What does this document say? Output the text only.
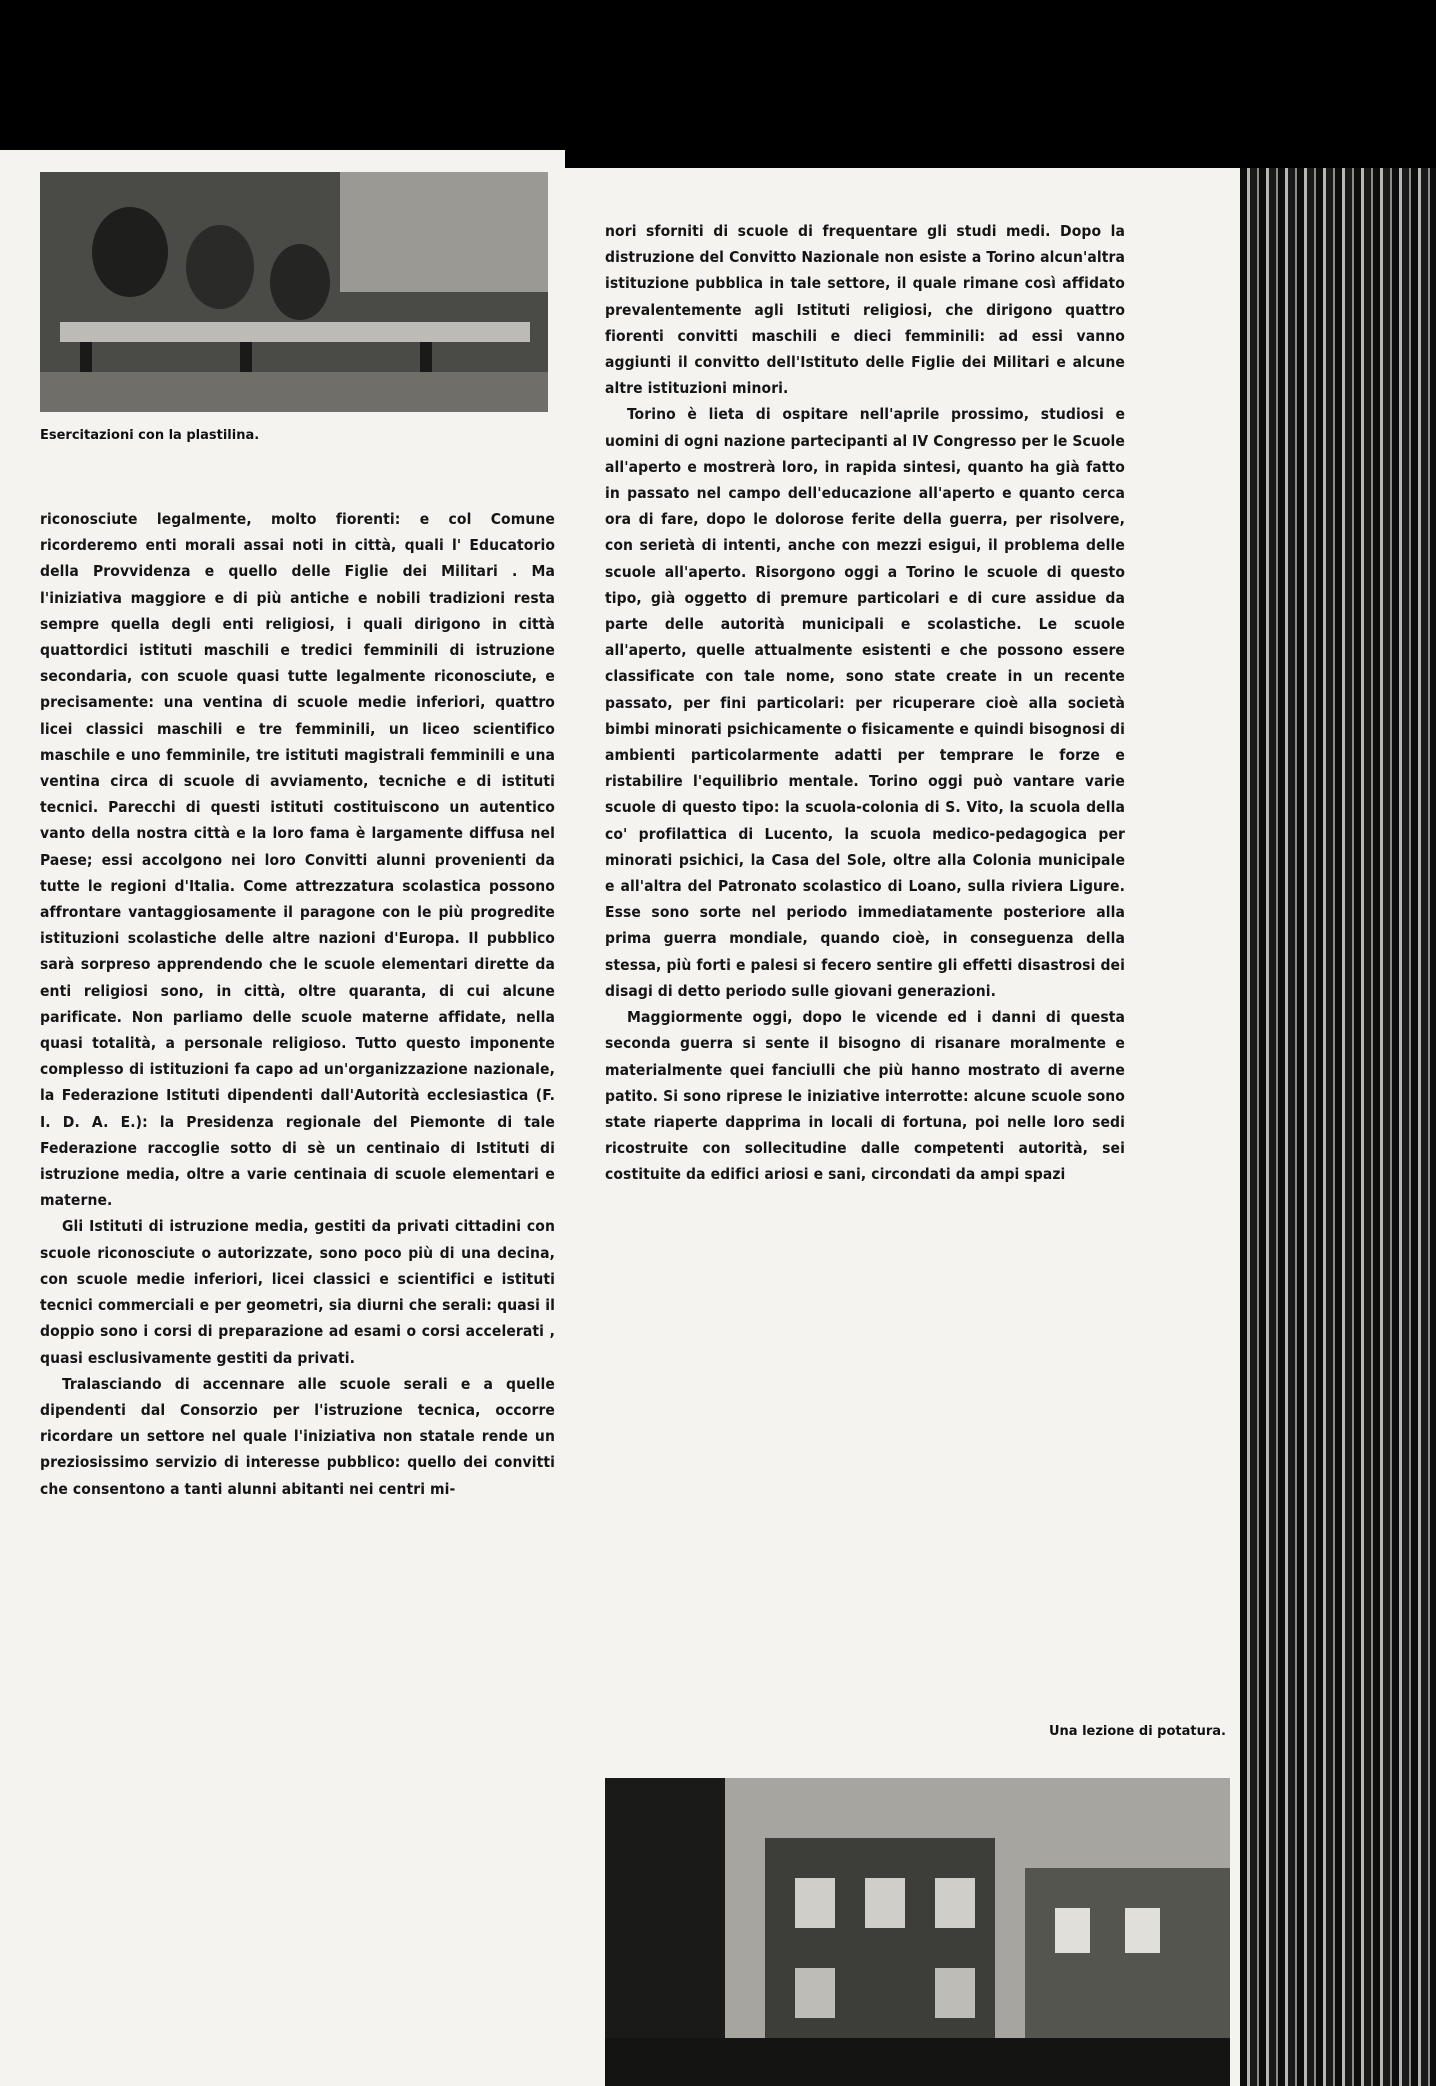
Esercitazioni con la plastilina.

riconosciute legalmente, molto fiorenti: e col Comune ricorderemo enti morali assai noti in città, quali l' Educatorio della Provvidenza e quello delle Figlie dei Militari . Ma l'iniziativa maggiore e di più antiche e nobili tradizioni resta sempre quella degli enti religiosi, i quali dirigono in città quattordici istituti maschili e tredici femminili di istruzione secondaria, con scuole quasi tutte legalmente riconosciute, e precisamente: una ventina di scuole medie inferiori, quattro licei classici maschili e tre femminili, un liceo scientifico maschile e uno femminile, tre istituti magistrali femminili e una ventina circa di scuole di avviamento, tecniche e di istituti tecnici. Parecchi di questi istituti costituiscono un autentico vanto della nostra città e la loro fama è largamente diffusa nel Paese; essi accolgono nei loro Convitti alunni provenienti da tutte le regioni d'Italia. Come attrezzatura scolastica possono affrontare vantaggiosamente il paragone con le più progredite istituzioni scolastiche delle altre nazioni d'Europa. Il pubblico sarà sorpreso apprendendo che le scuole elementari dirette da enti religiosi sono, in città, oltre quaranta, di cui alcune parificate. Non parliamo delle scuole materne affidate, nella quasi totalità, a personale religioso. Tutto questo imponente complesso di istituzioni fa capo ad un'organizzazione nazionale, la Federazione Istituti dipendenti dall'Autorità ecclesiastica (F. I. D. A. E.): la Presidenza regionale del Piemonte di tale Federazione raccoglie sotto di sè un centinaio di Istituti di istruzione media, oltre a varie centinaia di scuole elementari e materne.

Gli Istituti di istruzione media, gestiti da privati cittadini con scuole riconosciute o autorizzate, sono poco più di una decina, con scuole medie inferiori, licei classici e scientifici e istituti tecnici commerciali e per geometri, sia diurni che serali: quasi il doppio sono i corsi di preparazione ad esami o corsi accelerati , quasi esclusivamente gestiti da privati.

Tralasciando di accennare alle scuole serali e a quelle dipendenti dal Consorzio per l'istruzione tecnica, occorre ricordare un settore nel quale l'iniziativa non statale rende un preziosissimo servizio di interesse pubblico: quello dei convitti che consentono a tanti alunni abitanti nei centri mi-

nori sforniti di scuole di frequentare gli studi medi. Dopo la distruzione del Convitto Nazionale non esiste a Torino alcun'altra istituzione pubblica in tale settore, il quale rimane così affidato prevalentemente agli Istituti religiosi, che dirigono quattro fiorenti convitti maschili e dieci femminili: ad essi vanno aggiunti il convitto dell'Istituto delle Figlie dei Militari e alcune altre istituzioni minori.

Torino è lieta di ospitare nell'aprile prossimo, studiosi e uomini di ogni nazione partecipanti al IV Congresso per le Scuole all'aperto e mostrerà loro, in rapida sintesi, quanto ha già fatto in passato nel campo dell'educazione all'aperto e quanto cerca ora di fare, dopo le dolorose ferite della guerra, per risolvere, con serietà di intenti, anche con mezzi esigui, il problema delle scuole all'aperto. Risorgono oggi a Torino le scuole di questo tipo, già oggetto di premure particolari e di cure assidue da parte delle autorità municipali e scolastiche. Le scuole all'aperto, quelle attualmente esistenti e che possono essere classificate con tale nome, sono state create in un recente passato, per fini particolari: per ricuperare cioè alla società bimbi minorati psichicamente o fisicamente e quindi bisognosi di ambienti particolarmente adatti per temprare le forze e ristabilire l'equilibrio mentale. Torino oggi può vantare varie scuole di questo tipo: la scuola-colonia di S. Vito, la scuola della co' profilattica di Lucento, la scuola medico-pedagogica per minorati psichici, la Casa del Sole, oltre alla Colonia municipale e all'altra del Patronato scolastico di Loano, sulla riviera Ligure. Esse sono sorte nel periodo immediatamente posteriore alla prima guerra mondiale, quando cioè, in conseguenza della stessa, più forti e palesi si fecero sentire gli effetti disastrosi dei disagi di detto periodo sulle giovani generazioni.

Maggiormente oggi, dopo le vicende ed i danni di questa seconda guerra si sente il bisogno di risanare moralmente e materialmente quei fanciulli che più hanno mostrato di averne patito. Si sono riprese le iniziative interrotte: alcune scuole sono state riaperte dapprima in locali di fortuna, poi nelle loro sedi ricostruite con sollecitudine dalle competenti autorità, sei costituite da edifici ariosi e sani, circondati da ampi spazi

Una lezione di potatura.
